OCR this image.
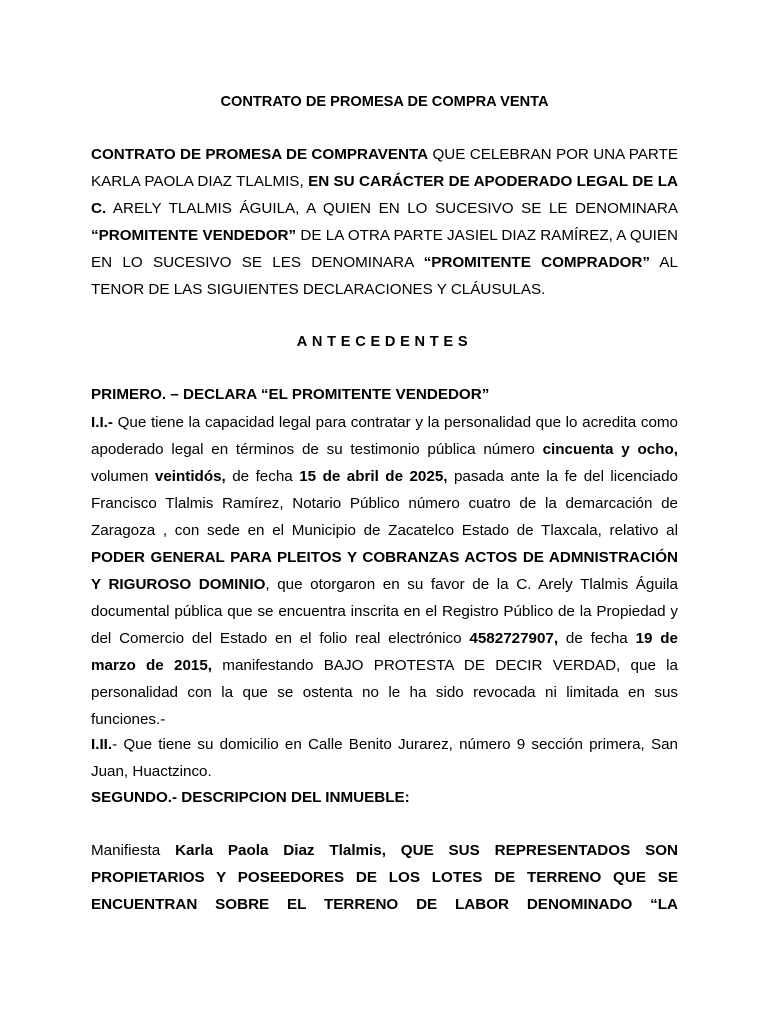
CONTRATO DE PROMESA DE COMPRA VENTA

CONTRATO DE PROMESA DE COMPRAVENTA QUE CELEBRAN POR UNA PARTE KARLA PAOLA DIAZ TLALMIS, EN SU CARÁCTER DE APODERADO LEGAL DE LA C. ARELY TLALMIS ÁGUILA, A QUIEN EN LO SUCESIVO SE LE DENOMINARA “PROMITENTE VENDEDOR” DE LA OTRA PARTE JASIEL DIAZ RAMÍREZ, A QUIEN EN LO SUCESIVO SE LES DENOMINARA “PROMITENTE COMPRADOR” AL TENOR DE LAS SIGUIENTES DECLARACIONES Y CLÁUSULAS.

ANTECEDENTES

PRIMERO. – DECLARA “EL PROMITENTE VENDEDOR”

I.I.- Que tiene la capacidad legal para contratar y la personalidad que lo acredita como apoderado legal en términos de su testimonio pública número cincuenta y ocho, volumen veintidós, de fecha 15 de abril de 2025, pasada ante la fe del licenciado Francisco Tlalmis Ramírez, Notario Público número cuatro de la demarcación de Zaragoza , con sede en el Municipio de Zacatelco Estado de Tlaxcala, relativo al PODER GENERAL PARA PLEITOS Y COBRANZAS ACTOS DE ADMNISTRACIÓN Y RIGUROSO DOMINIO, que otorgaron en su favor de la C. Arely Tlalmis Águila documental pública que se encuentra inscrita en el Registro Público de la Propiedad y del Comercio del Estado en el folio real electrónico 4582727907, de fecha 19 de marzo de 2015, manifestando BAJO PROTESTA DE DECIR VERDAD, que la personalidad con la que se ostenta no le ha sido revocada ni limitada en sus funciones.-

I.II.- Que tiene su domicilio en Calle Benito Jurarez, número 9 sección primera, San Juan, Huactzinco.

SEGUNDO.- DESCRIPCION DEL INMUEBLE:

Manifiesta Karla Paola Diaz Tlalmis, QUE SUS REPRESENTADOS SON PROPIETARIOS Y POSEEDORES DE LOS LOTES DE TERRENO QUE SE ENCUENTRAN SOBRE EL TERRENO DE LABOR DENOMINADO “LA
